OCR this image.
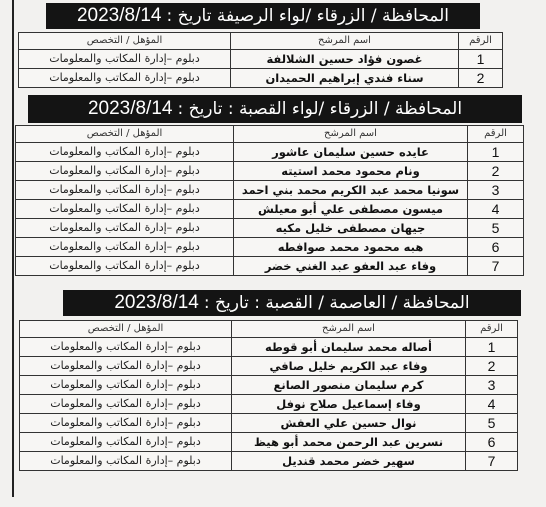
المحافظة / الزرقاء /لواء الرصيفة تاريخ :
2023/8/14
الرقم	اسم المرشح	المؤهل / التخصص
1	غصون فؤاد حسين الشلالفة	دبلوم –إدارة المكاتب والمعلومات
2	سناء فندي إبراهيم الحميدان	دبلوم –إدارة المكاتب والمعلومات
المحافظة / الزرقاء /لواء القصبة : تاريخ :
2023/8/14
الرقم	اسم المرشح	المؤهل / التخصص
1	عايده حسين سليمان عاشور	دبلوم –إدارة المكاتب والمعلومات
2	ونام محمود محمد استيته	دبلوم –إدارة المكاتب والمعلومات
3	سونيا محمد عبد الكريم محمد بني احمد	دبلوم –إدارة المكاتب والمعلومات
4	ميسون مصطفى علي أبو معيلش	دبلوم –إدارة المكاتب والمعلومات
5	جيهان مصطفى خليل مكيه	دبلوم –إدارة المكاتب والمعلومات
6	هبه محمود محمد صوافطه	دبلوم –إدارة المكاتب والمعلومات
7	وفاء عبد العفو عبد الغني خضر	دبلوم –إدارة المكاتب والمعلومات
المحافظة / العاصمة / القصبة : تاريخ :
2023/8/14
الرقم	اسم المرشح	المؤهل / التخصص
1	أصاله محمد سليمان أبو قوطه	دبلوم –إدارة المكاتب والمعلومات
2	وفاء عبد الكريم خليل صافي	دبلوم –إدارة المكاتب والمعلومات
3	كرم سليمان منصور الصانع	دبلوم –إدارة المكاتب والمعلومات
4	وفاء إسماعيل صلاح نوفل	دبلوم –إدارة المكاتب والمعلومات
5	نوال حسين علي العفش	دبلوم –إدارة المكاتب والمعلومات
6	نسرين عبد الرحمن محمد أبو هيظ	دبلوم –إدارة المكاتب والمعلومات
7	سهير خضر محمد قنديل	دبلوم –إدارة المكاتب والمعلومات
